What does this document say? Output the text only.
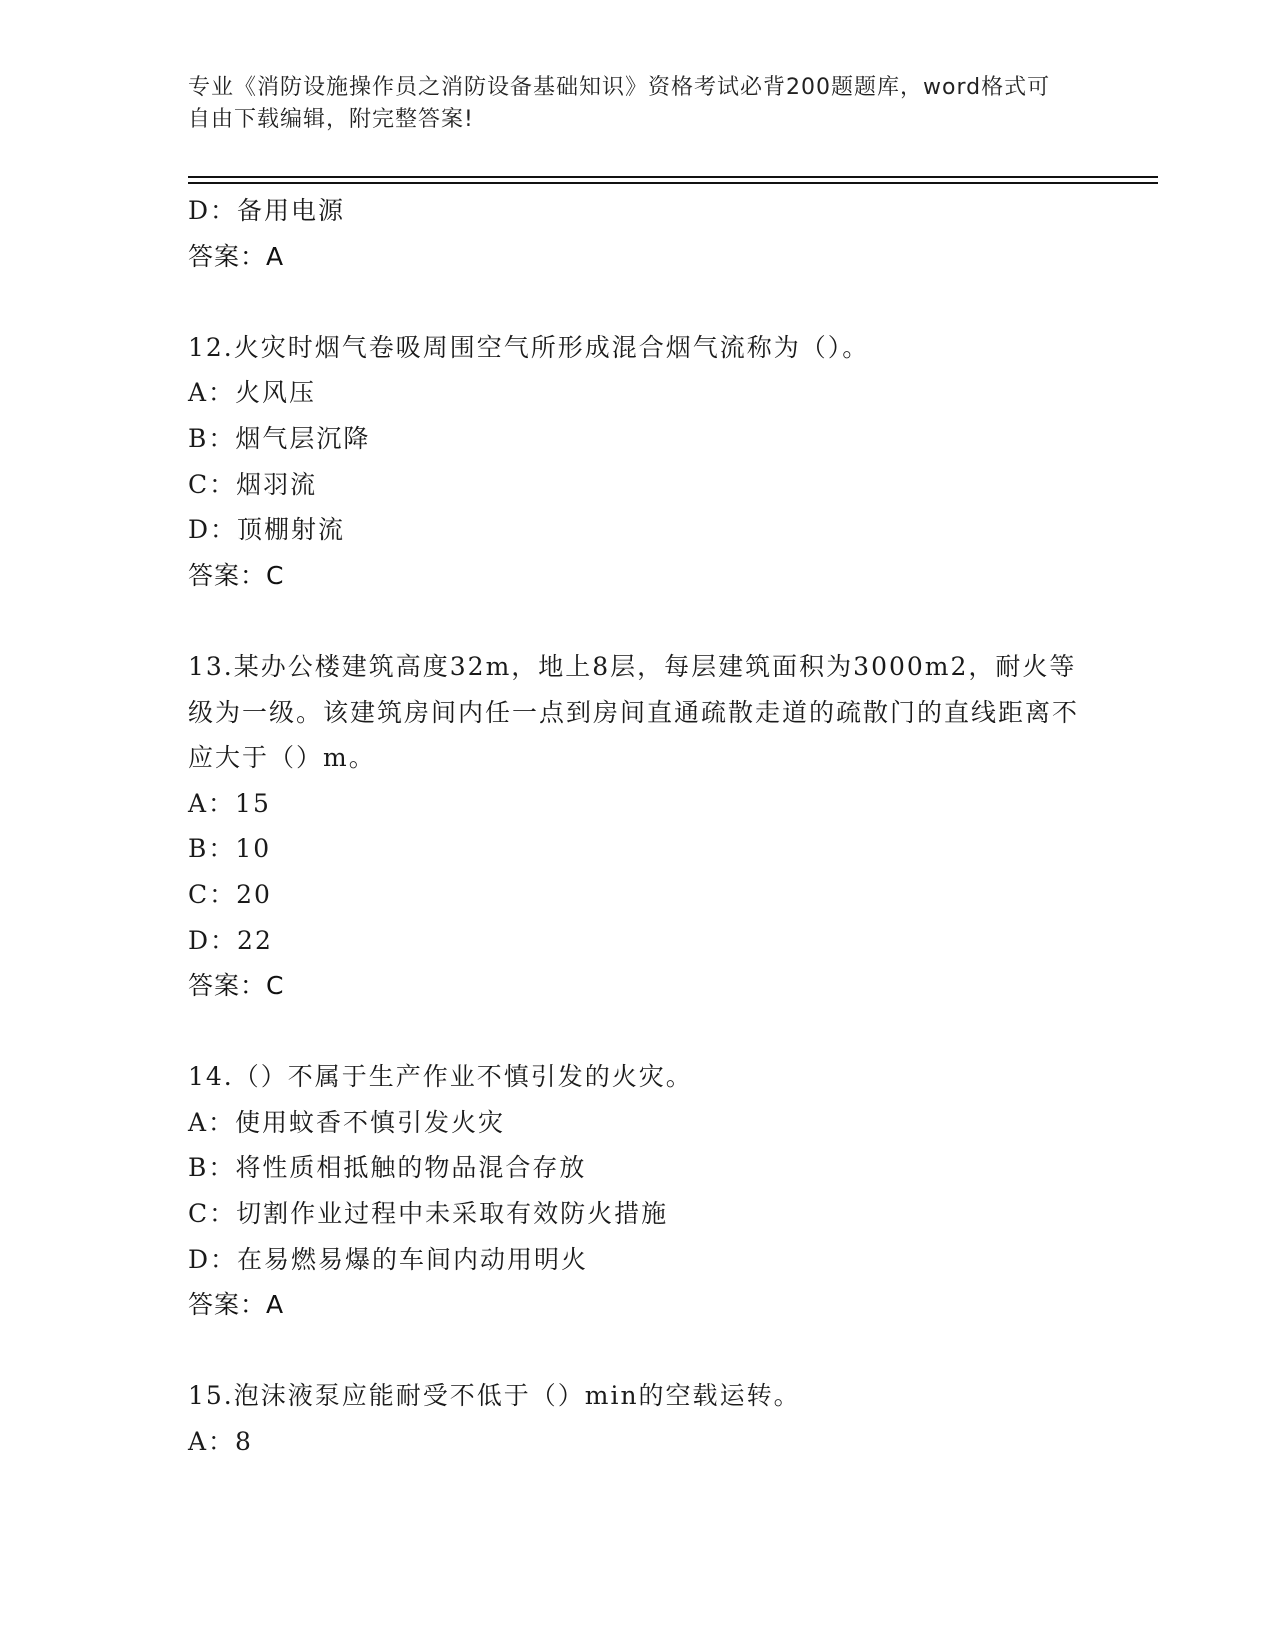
专业《消防设施操作员之消防设备基础知识》资格考试必背200题题库，word格式可自由下载编辑，附完整答案!
D：备用电源
答案：A
12.火灾时烟气卷吸周围空气所形成混合烟气流称为（）。
A：火风压
B：烟气层沉降
C：烟羽流
D：顶棚射流
答案：C
13.某办公楼建筑高度32m，地上8层，每层建筑面积为3000m2，耐火等级为一级。该建筑房间内任一点到房间直通疏散走道的疏散门的直线距离不应大于（）m。
A：15
B：10
C：20
D：22
答案：C
14.（）不属于生产作业不慎引发的火灾。
A：使用蚊香不慎引发火灾
B：将性质相抵触的物品混合存放
C：切割作业过程中未采取有效防火措施
D：在易燃易爆的车间内动用明火
答案：A
15.泡沫液泵应能耐受不低于（）min的空载运转。
A：8
